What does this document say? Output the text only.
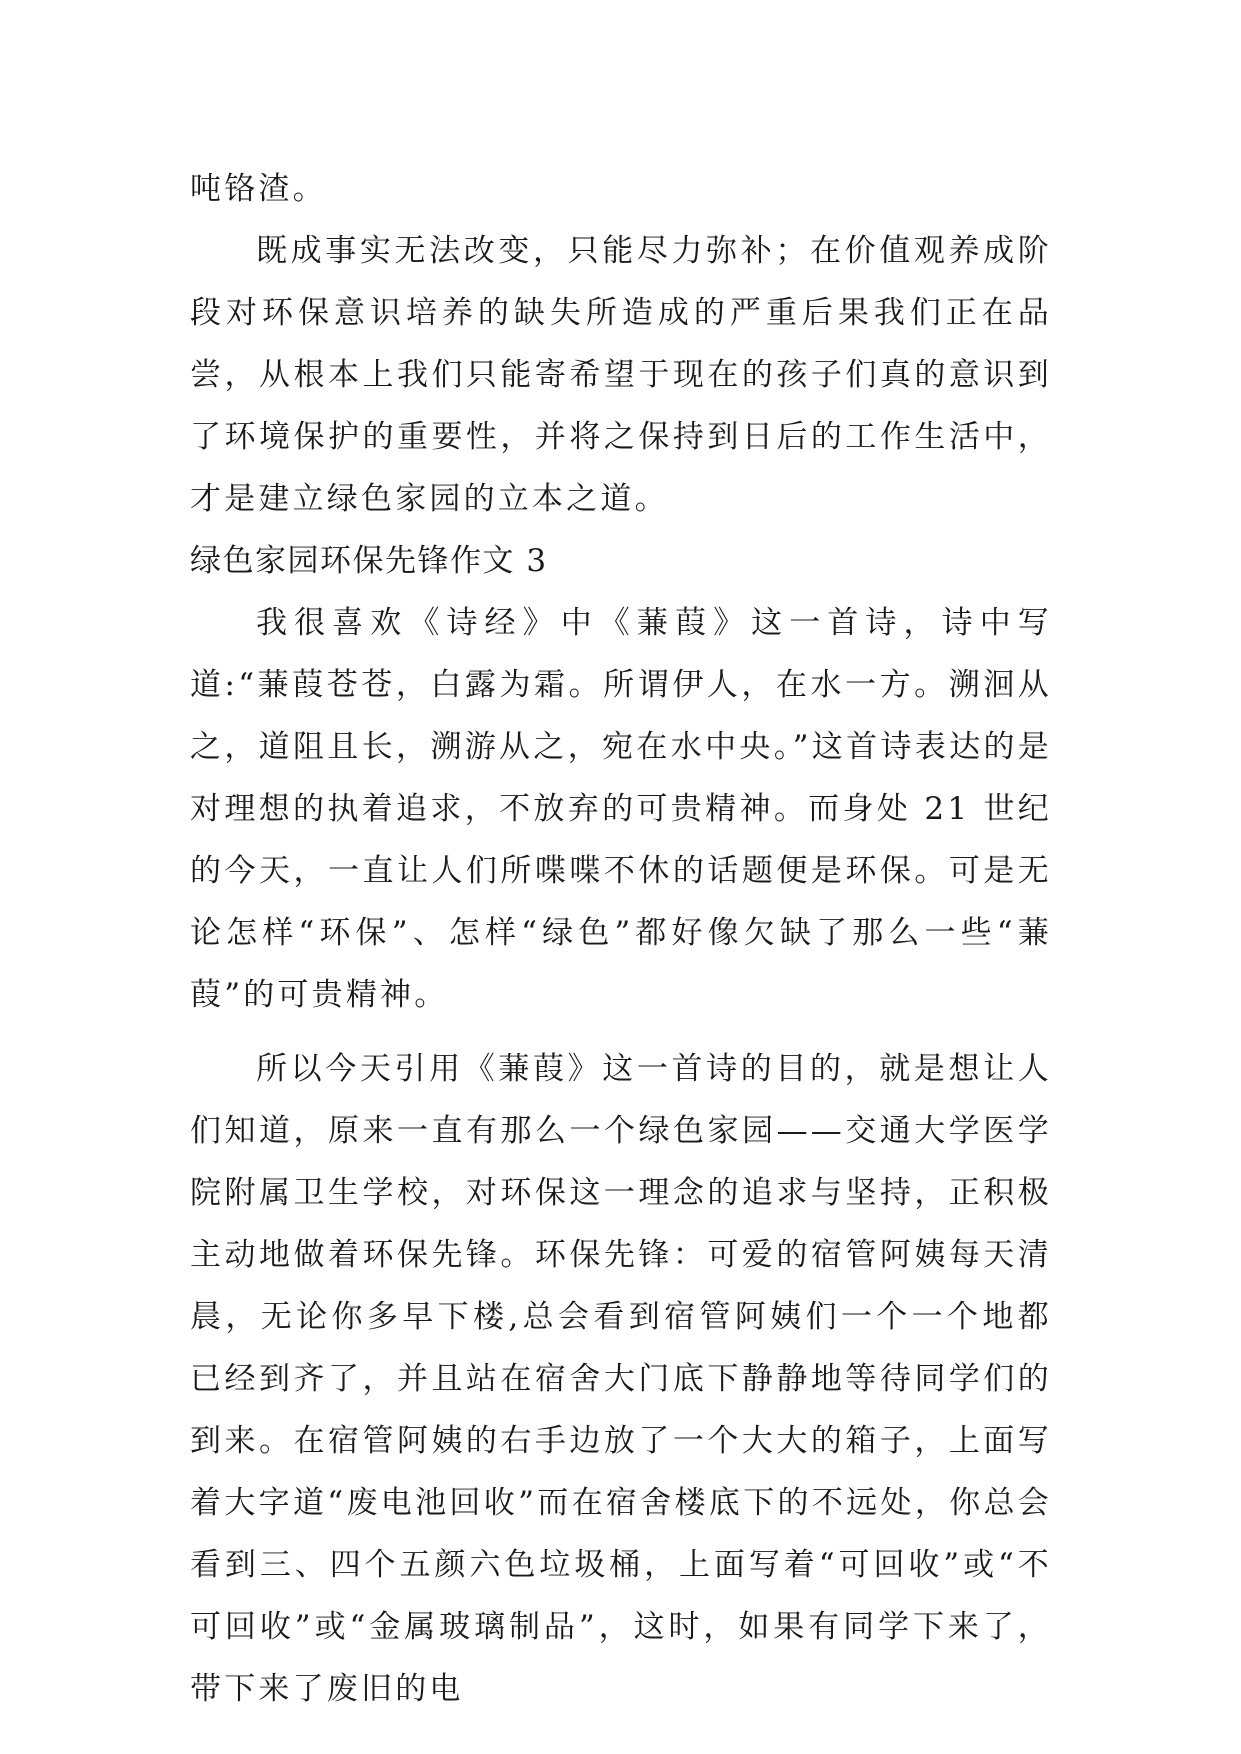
吨铬渣。

既成事实无法改变，只能尽力弥补；在价值观养成阶段对环保意识培养的缺失所造成的严重后果我们正在品尝，从根本上我们只能寄希望于现在的孩子们真的意识到了环境保护的重要性，并将之保持到日后的工作生活中，才是建立绿色家园的立本之道。

绿色家园环保先锋作文 3

我很喜欢《诗经》中《蒹葭》这一首诗，诗中写道:“蒹葭苍苍，白露为霜。所谓伊人，在水一方。溯洄从之，道阻且长，溯游从之，宛在水中央。”这首诗表达的是对理想的执着追求，不放弃的可贵精神。而身处 21 世纪的今天，一直让人们所喋喋不休的话题便是环保。可是无论怎样“环保”、怎样“绿色”都好像欠缺了那么一些“蒹葭”的可贵精神。

所以今天引用《蒹葭》这一首诗的目的，就是想让人们知道，原来一直有那么一个绿色家园——交通大学医学院附属卫生学校，对环保这一理念的追求与坚持，正积极主动地做着环保先锋。环保先锋：可爱的宿管阿姨每天清晨，无论你多早下楼,总会看到宿管阿姨们一个一个地都已经到齐了，并且站在宿舍大门底下静静地等待同学们的到来。在宿管阿姨的右手边放了一个大大的箱子，上面写着大字道“废电池回收”而在宿舍楼底下的不远处，你总会看到三、四个五颜六色垃圾桶，上面写着“可回收”或“不可回收”或“金属玻璃制品”，这时，如果有同学下来了，带下来了废旧的电
